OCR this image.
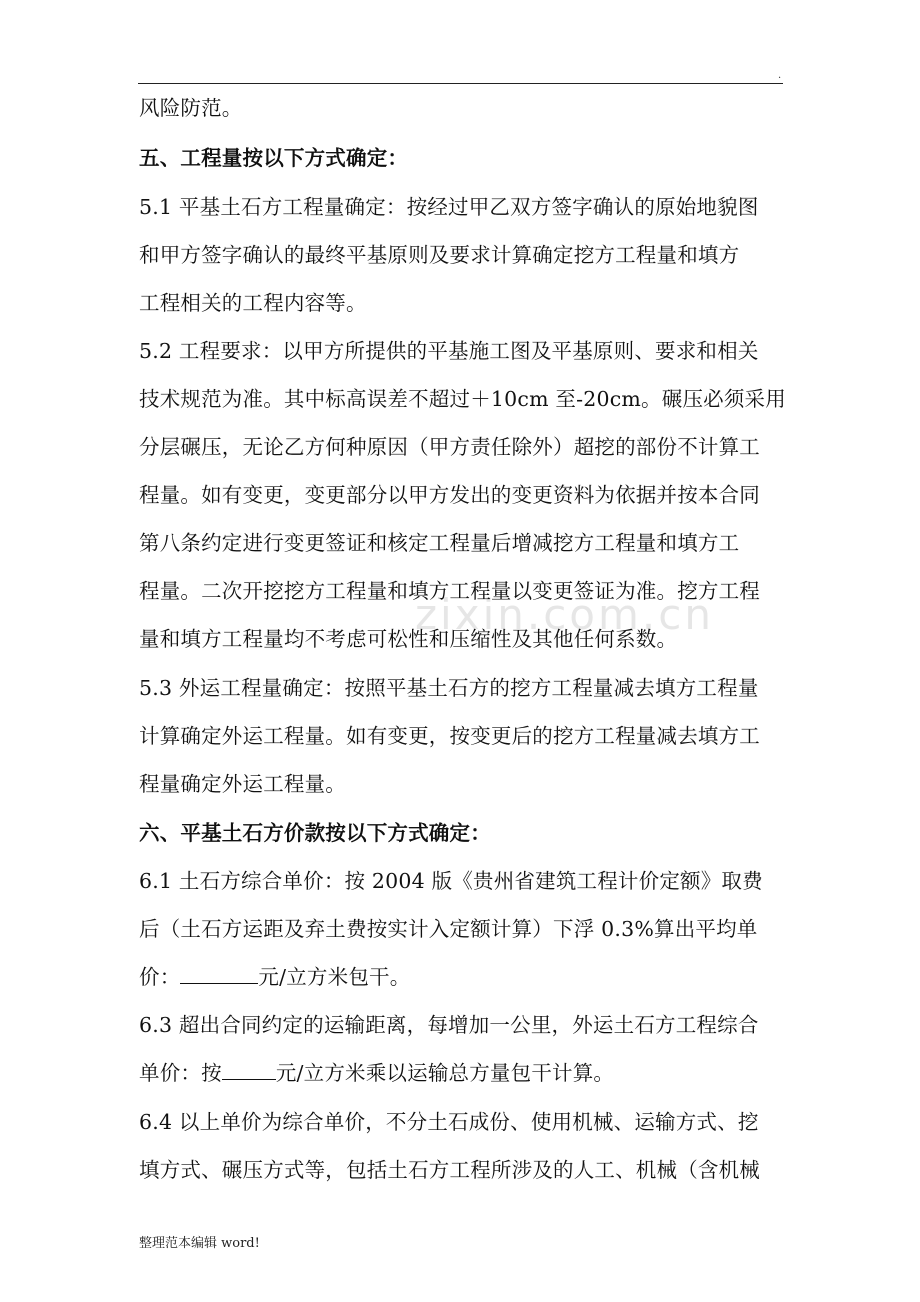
.
zixin.com.cn
风险防范。
五、工程量按以下方式确定：
5.1 平基土石方工程量确定：按经过甲乙双方签字确认的原始地貌图
和甲方签字确认的最终平基原则及要求计算确定挖方工程量和填方
工程相关的工程内容等。
5.2 工程要求：以甲方所提供的平基施工图及平基原则、要求和相关
技术规范为准。其中标高误差不超过＋10cm 至-20cm。碾压必须采用
分层碾压，无论乙方何种原因（甲方责任除外）超挖的部份不计算工
程量。如有变更，变更部分以甲方发出的变更资料为依据并按本合同
第八条约定进行变更签证和核定工程量后增减挖方工程量和填方工
程量。二次开挖挖方工程量和填方工程量以变更签证为准。挖方工程
量和填方工程量均不考虑可松性和压缩性及其他任何系数。
5.3 外运工程量确定：按照平基土石方的挖方工程量减去填方工程量
计算确定外运工程量。如有变更，按变更后的挖方工程量减去填方工
程量确定外运工程量。
六、平基土石方价款按以下方式确定：
6.1 土石方综合单价：按 2004 版《贵州省建筑工程计价定额》取费
后（土石方运距及弃土费按实计入定额计算）下浮 0.3%算出平均单
价：	元/立方米包干。
6.3 超出合同约定的运输距离，每增加一公里，外运土石方工程综合
单价：按	元/立方米乘以运输总方量包干计算。
6.4 以上单价为综合单价，不分土石成份、使用机械、运输方式、挖
填方式、碾压方式等，包括土石方工程所涉及的人工、机械（含机械
整理范本编辑 word!
